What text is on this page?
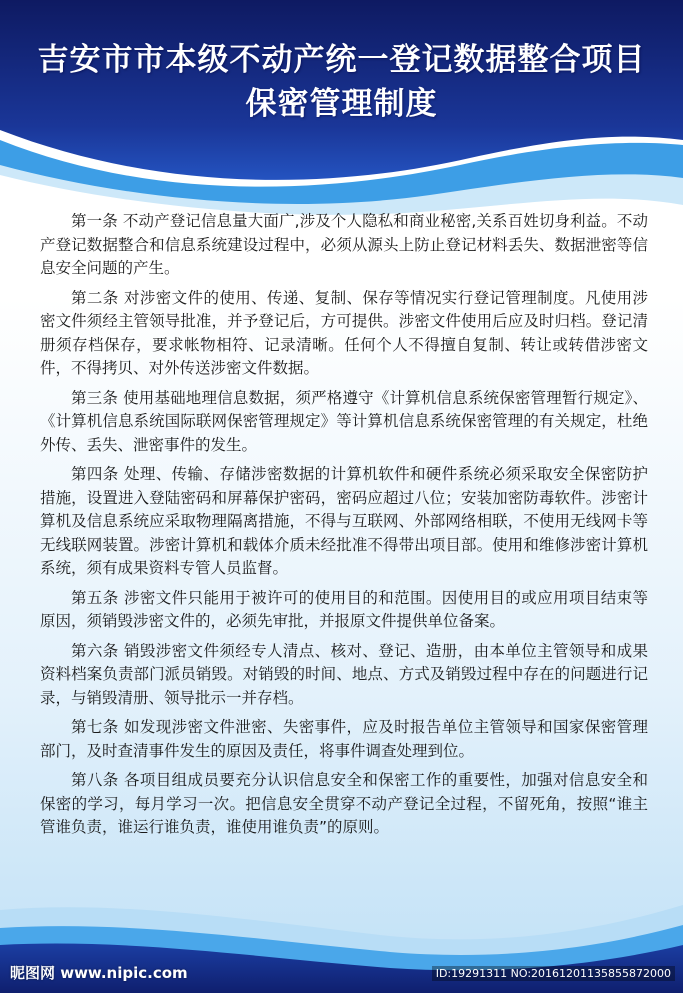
吉安市市本级不动产统一登记数据整合项目
保密管理制度

第一条 不动产登记信息量大面广,涉及个人隐私和商业秘密,关系百姓切身利益。不动产登记数据整合和信息系统建设过程中，必须从源头上防止登记材料丢失、数据泄密等信息安全问题的产生。

第二条 对涉密文件的使用、传递、复制、保存等情况实行登记管理制度。凡使用涉密文件须经主管领导批准，并予登记后，方可提供。涉密文件使用后应及时归档。登记清册须存档保存，要求帐物相符、记录清晰。任何个人不得擅自复制、转让或转借涉密文件，不得拷贝、对外传送涉密文件数据。

第三条 使用基础地理信息数据，须严格遵守《计算机信息系统保密管理暂行规定》、《计算机信息系统国际联网保密管理规定》等计算机信息系统保密管理的有关规定，杜绝外传、丢失、泄密事件的发生。

第四条 处理、传输、存储涉密数据的计算机软件和硬件系统必须采取安全保密防护措施，设置进入登陆密码和屏幕保护密码，密码应超过八位；安装加密防毒软件。涉密计算机及信息系统应采取物理隔离措施，不得与互联网、外部网络相联，不使用无线网卡等无线联网装置。涉密计算机和载体介质未经批准不得带出项目部。使用和维修涉密计算机系统，须有成果资料专管人员监督。

第五条 涉密文件只能用于被许可的使用目的和范围。因使用目的或应用项目结束等原因，须销毁涉密文件的，必须先审批，并报原文件提供单位备案。

第六条 销毁涉密文件须经专人清点、核对、登记、造册，由本单位主管领导和成果资料档案负责部门派员销毁。对销毁的时间、地点、方式及销毁过程中存在的问题进行记录，与销毁清册、领导批示一并存档。

第七条 如发现涉密文件泄密、失密事件，应及时报告单位主管领导和国家保密管理部门，及时查清事件发生的原因及责任，将事件调查处理到位。

第八条 各项目组成员要充分认识信息安全和保密工作的重要性，加强对信息安全和保密的学习，每月学习一次。把信息安全贯穿不动产登记全过程，不留死角，按照“谁主管谁负责，谁运行谁负责，谁使用谁负责”的原则。

昵图网 www.nipic.com	ID:19291311 NO:20161201135855872000
